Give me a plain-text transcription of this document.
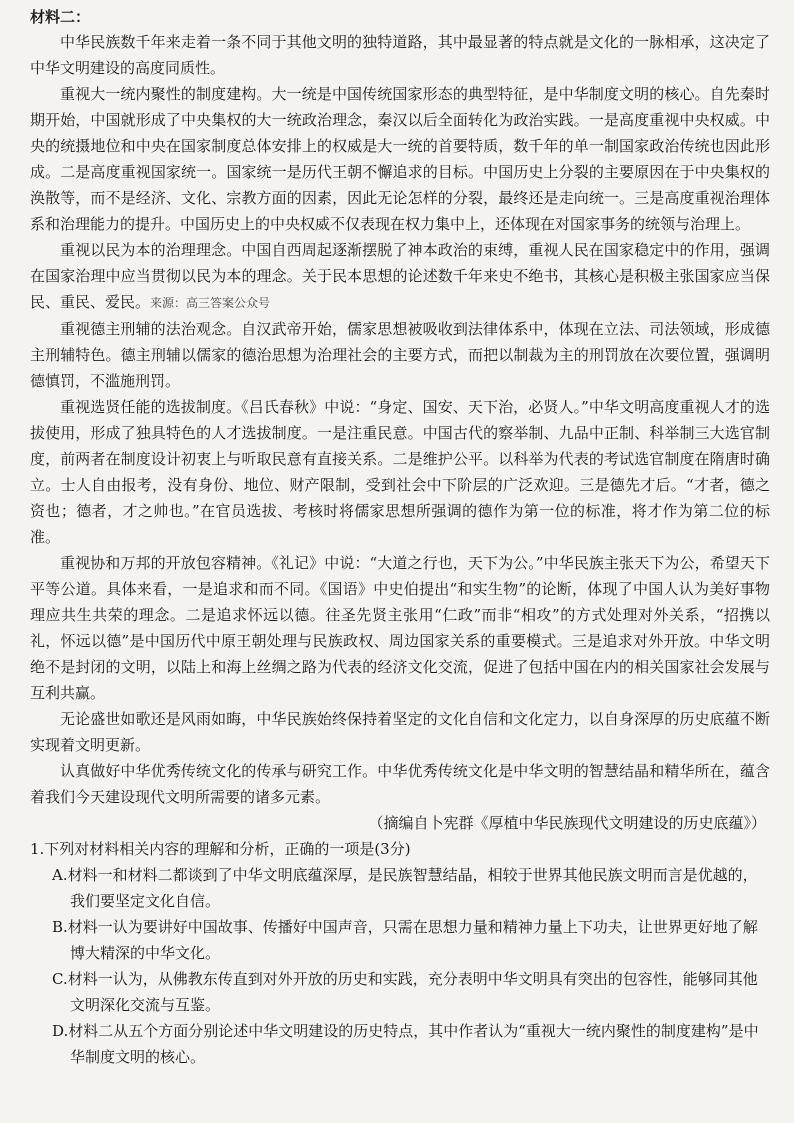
材料二：

中华民族数千年来走着一条不同于其他文明的独特道路，其中最显著的特点就是文化的一脉相承，这决定了中华文明建设的高度同质性。

重视大一统内聚性的制度建构。大一统是中国传统国家形态的典型特征，是中华制度文明的核心。自先秦时期开始，中国就形成了中央集权的大一统政治理念，秦汉以后全面转化为政治实践。一是高度重视中央权威。中央的统摄地位和中央在国家制度总体安排上的权威是大一统的首要特质，数千年的单一制国家政治传统也因此形成。二是高度重视国家统一。国家统一是历代王朝不懈追求的目标。中国历史上分裂的主要原因在于中央集权的涣散等，而不是经济、文化、宗教方面的因素，因此无论怎样的分裂，最终还是走向统一。三是高度重视治理体系和治理能力的提升。中国历史上的中央权威不仅表现在权力集中上，还体现在对国家事务的统领与治理上。

重视以民为本的治理理念。中国自西周起逐渐摆脱了神本政治的束缚，重视人民在国家稳定中的作用，强调在国家治理中应当贯彻以民为本的理念。关于民本思想的论述数千年来史不绝书，其核心是积极主张国家应当保民、重民、爱民。来源：高三答案公众号

重视德主刑辅的法治观念。自汉武帝开始，儒家思想被吸收到法律体系中，体现在立法、司法领域，形成德主刑辅特色。德主刑辅以儒家的德治思想为治理社会的主要方式，而把以制裁为主的刑罚放在次要位置，强调明德慎罚，不滥施刑罚。

重视选贤任能的选拔制度。《吕氏春秋》中说：“身定、国安、天下治，必贤人。”中华文明高度重视人才的选拔使用，形成了独具特色的人才选拔制度。一是注重民意。中国古代的察举制、九品中正制、科举制三大选官制度，前两者在制度设计初衷上与听取民意有直接关系。二是维护公平。以科举为代表的考试选官制度在隋唐时确立。士人自由报考，没有身份、地位、财产限制，受到社会中下阶层的广泛欢迎。三是德先才后。“才者，德之资也；德者，才之帅也。”在官员选拔、考核时将儒家思想所强调的德作为第一位的标准，将才作为第二位的标准。

重视协和万邦的开放包容精神。《礼记》中说：“大道之行也，天下为公。”中华民族主张天下为公，希望天下平等公道。具体来看，一是追求和而不同。《国语》中史伯提出“和实生物”的论断，体现了中国人认为美好事物理应共生共荣的理念。二是追求怀远以德。往圣先贤主张用“仁政”而非“相攻”的方式处理对外关系，“招携以礼，怀远以德”是中国历代中原王朝处理与民族政权、周边国家关系的重要模式。三是追求对外开放。中华文明绝不是封闭的文明，以陆上和海上丝绸之路为代表的经济文化交流，促进了包括中国在内的相关国家社会发展与互利共赢。

无论盛世如歌还是风雨如晦，中华民族始终保持着坚定的文化自信和文化定力，以自身深厚的历史底蕴不断实现着文明更新。

认真做好中华优秀传统文化的传承与研究工作。中华优秀传统文化是中华文明的智慧结晶和精华所在，蕴含着我们今天建设现代文明所需要的诸多元素。

（摘编自卜宪群《厚植中华民族现代文明建设的历史底蕴》）

1.下列对材料相关内容的理解和分析，正确的一项是(3分)

A.材料一和材料二都谈到了中华文明底蕴深厚，是民族智慧结晶，相较于世界其他民族文明而言是优越的，我们要坚定文化自信。

B.材料一认为要讲好中国故事、传播好中国声音，只需在思想力量和精神力量上下功夫，让世界更好地了解博大精深的中华文化。

C.材料一认为，从佛教东传直到对外开放的历史和实践，充分表明中华文明具有突出的包容性，能够同其他文明深化交流与互鉴。

D.材料二从五个方面分别论述中华文明建设的历史特点，其中作者认为“重视大一统内聚性的制度建构”是中华制度文明的核心。
